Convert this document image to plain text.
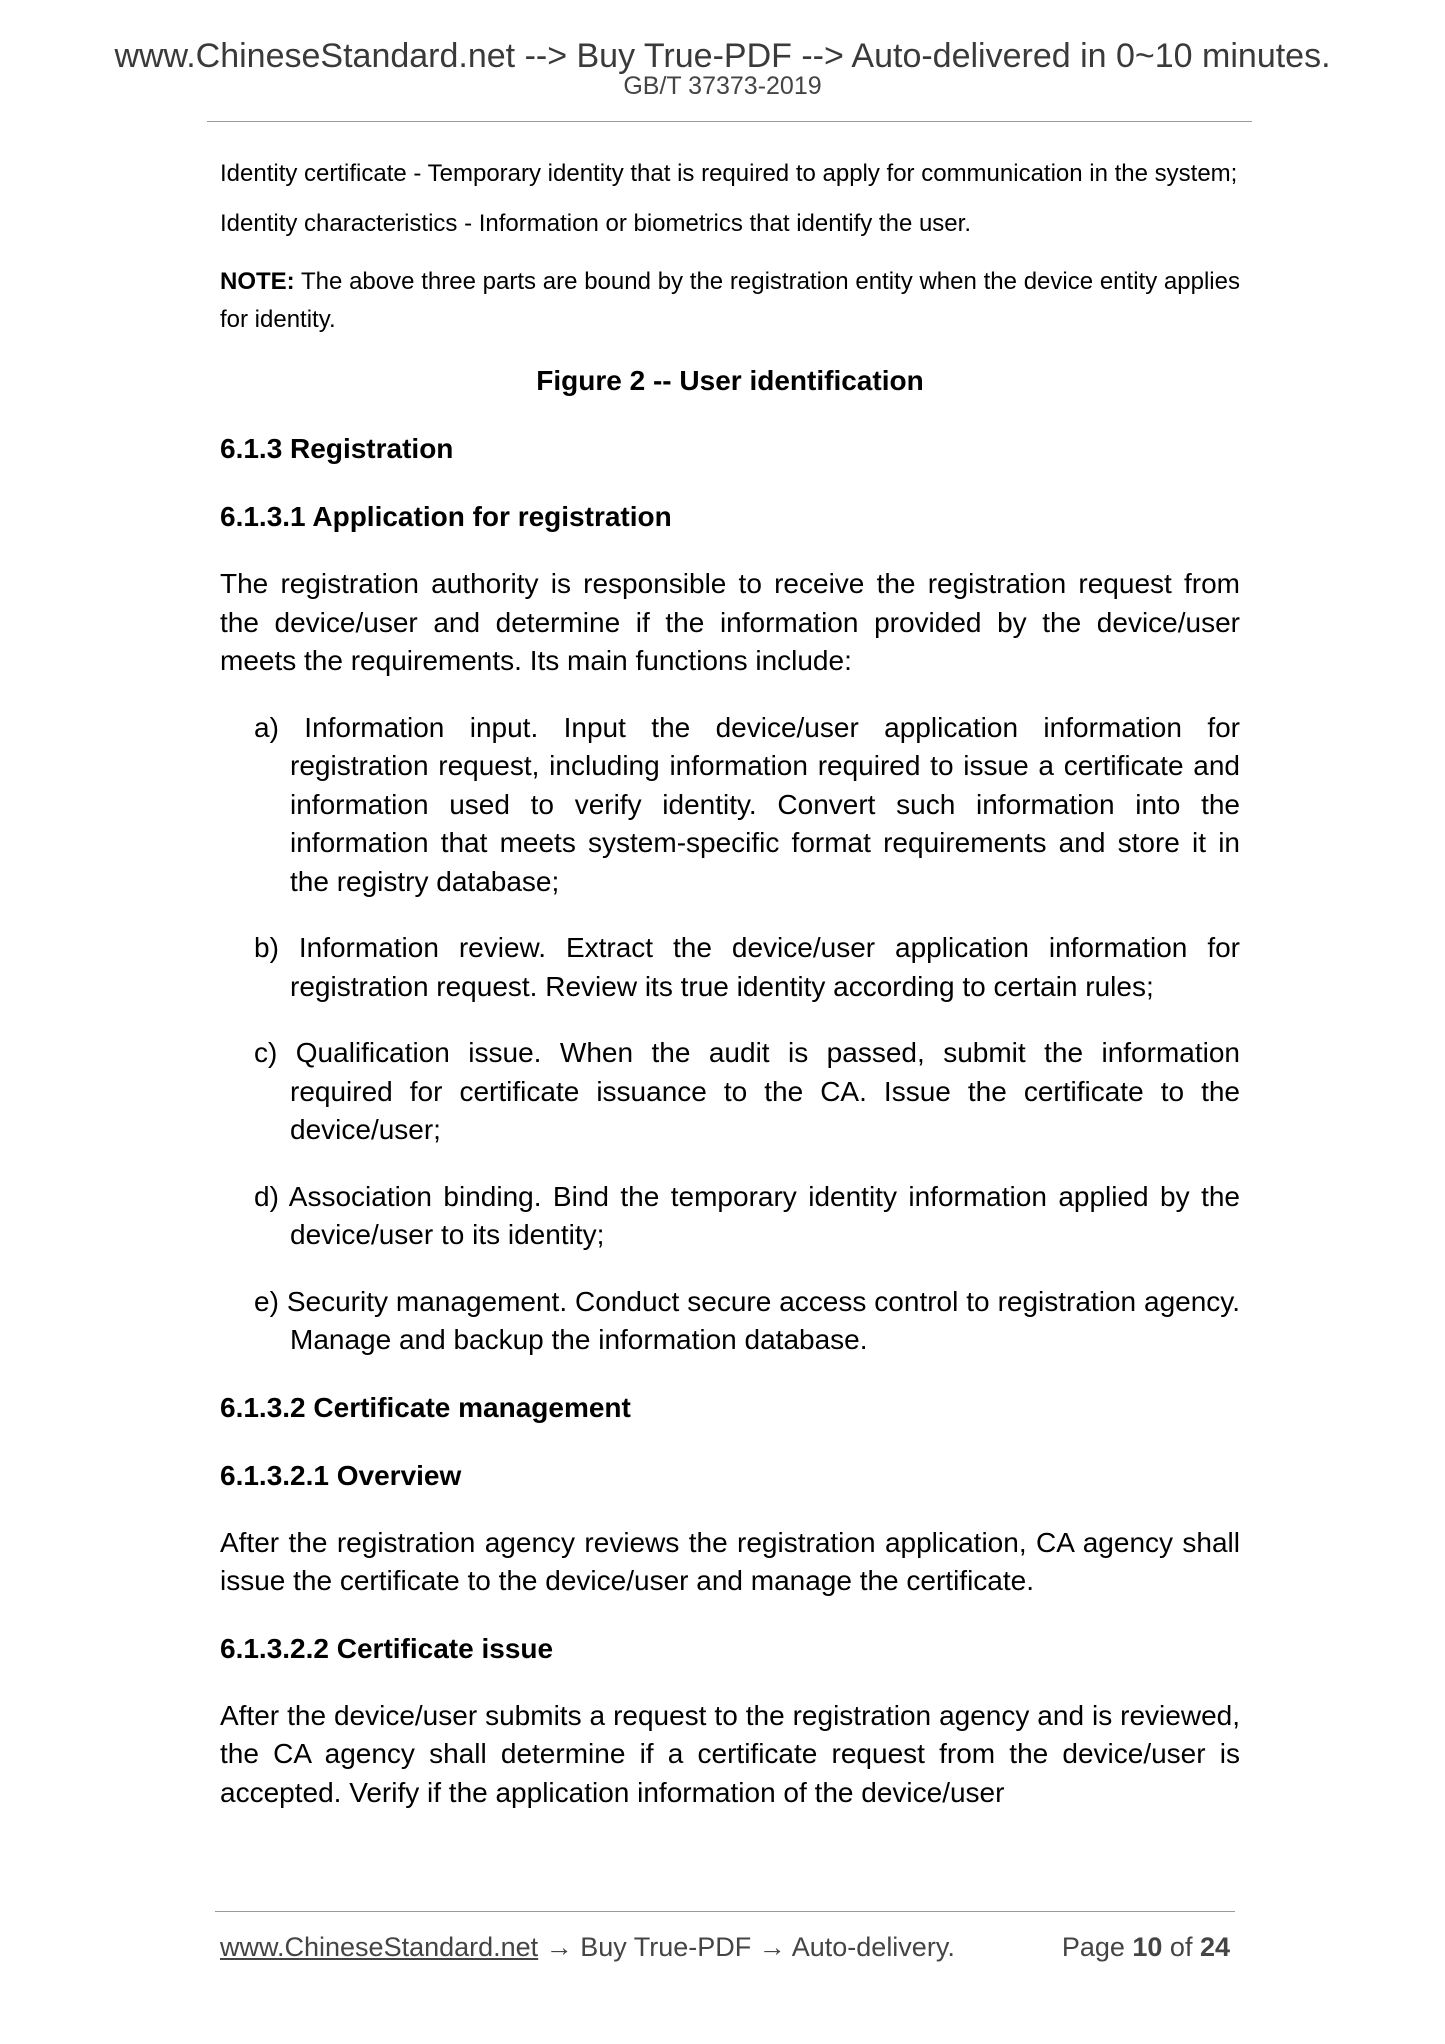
www.ChineseStandard.net --> Buy True-PDF --> Auto-delivered in 0~10 minutes.
GB/T 37373-2019

Identity certificate - Temporary identity that is required to apply for communication in the system;

Identity characteristics - Information or biometrics that identify the user.

NOTE: The above three parts are bound by the registration entity when the device entity applies for identity.

Figure 2 -- User identification
6.1.3 Registration
6.1.3.1 Application for registration

The registration authority is responsible to receive the registration request from the device/user and determine if the information provided by the device/user meets the requirements. Its main functions include:

a) Information input. Input the device/user application information for registration request, including information required to issue a certificate and information used to verify identity. Convert such information into the information that meets system-specific format requirements and store it in the registry database;
b) Information review. Extract the device/user application information for registration request. Review its true identity according to certain rules;
c) Qualification issue. When the audit is passed, submit the information required for certificate issuance to the CA. Issue the certificate to the device/user;
d) Association binding. Bind the temporary identity information applied by the device/user to its identity;
e) Security management. Conduct secure access control to registration agency. Manage and backup the information database.
6.1.3.2 Certificate management
6.1.3.2.1 Overview

After the registration agency reviews the registration application, CA agency shall issue the certificate to the device/user and manage the certificate.

6.1.3.2.2 Certificate issue

After the device/user submits a request to the registration agency and is reviewed, the CA agency shall determine if a certificate request from the device/user is accepted. Verify if the application information of the device/user

www.ChineseStandard.net → Buy True-PDF → Auto-delivery.	Page 10 of 24
